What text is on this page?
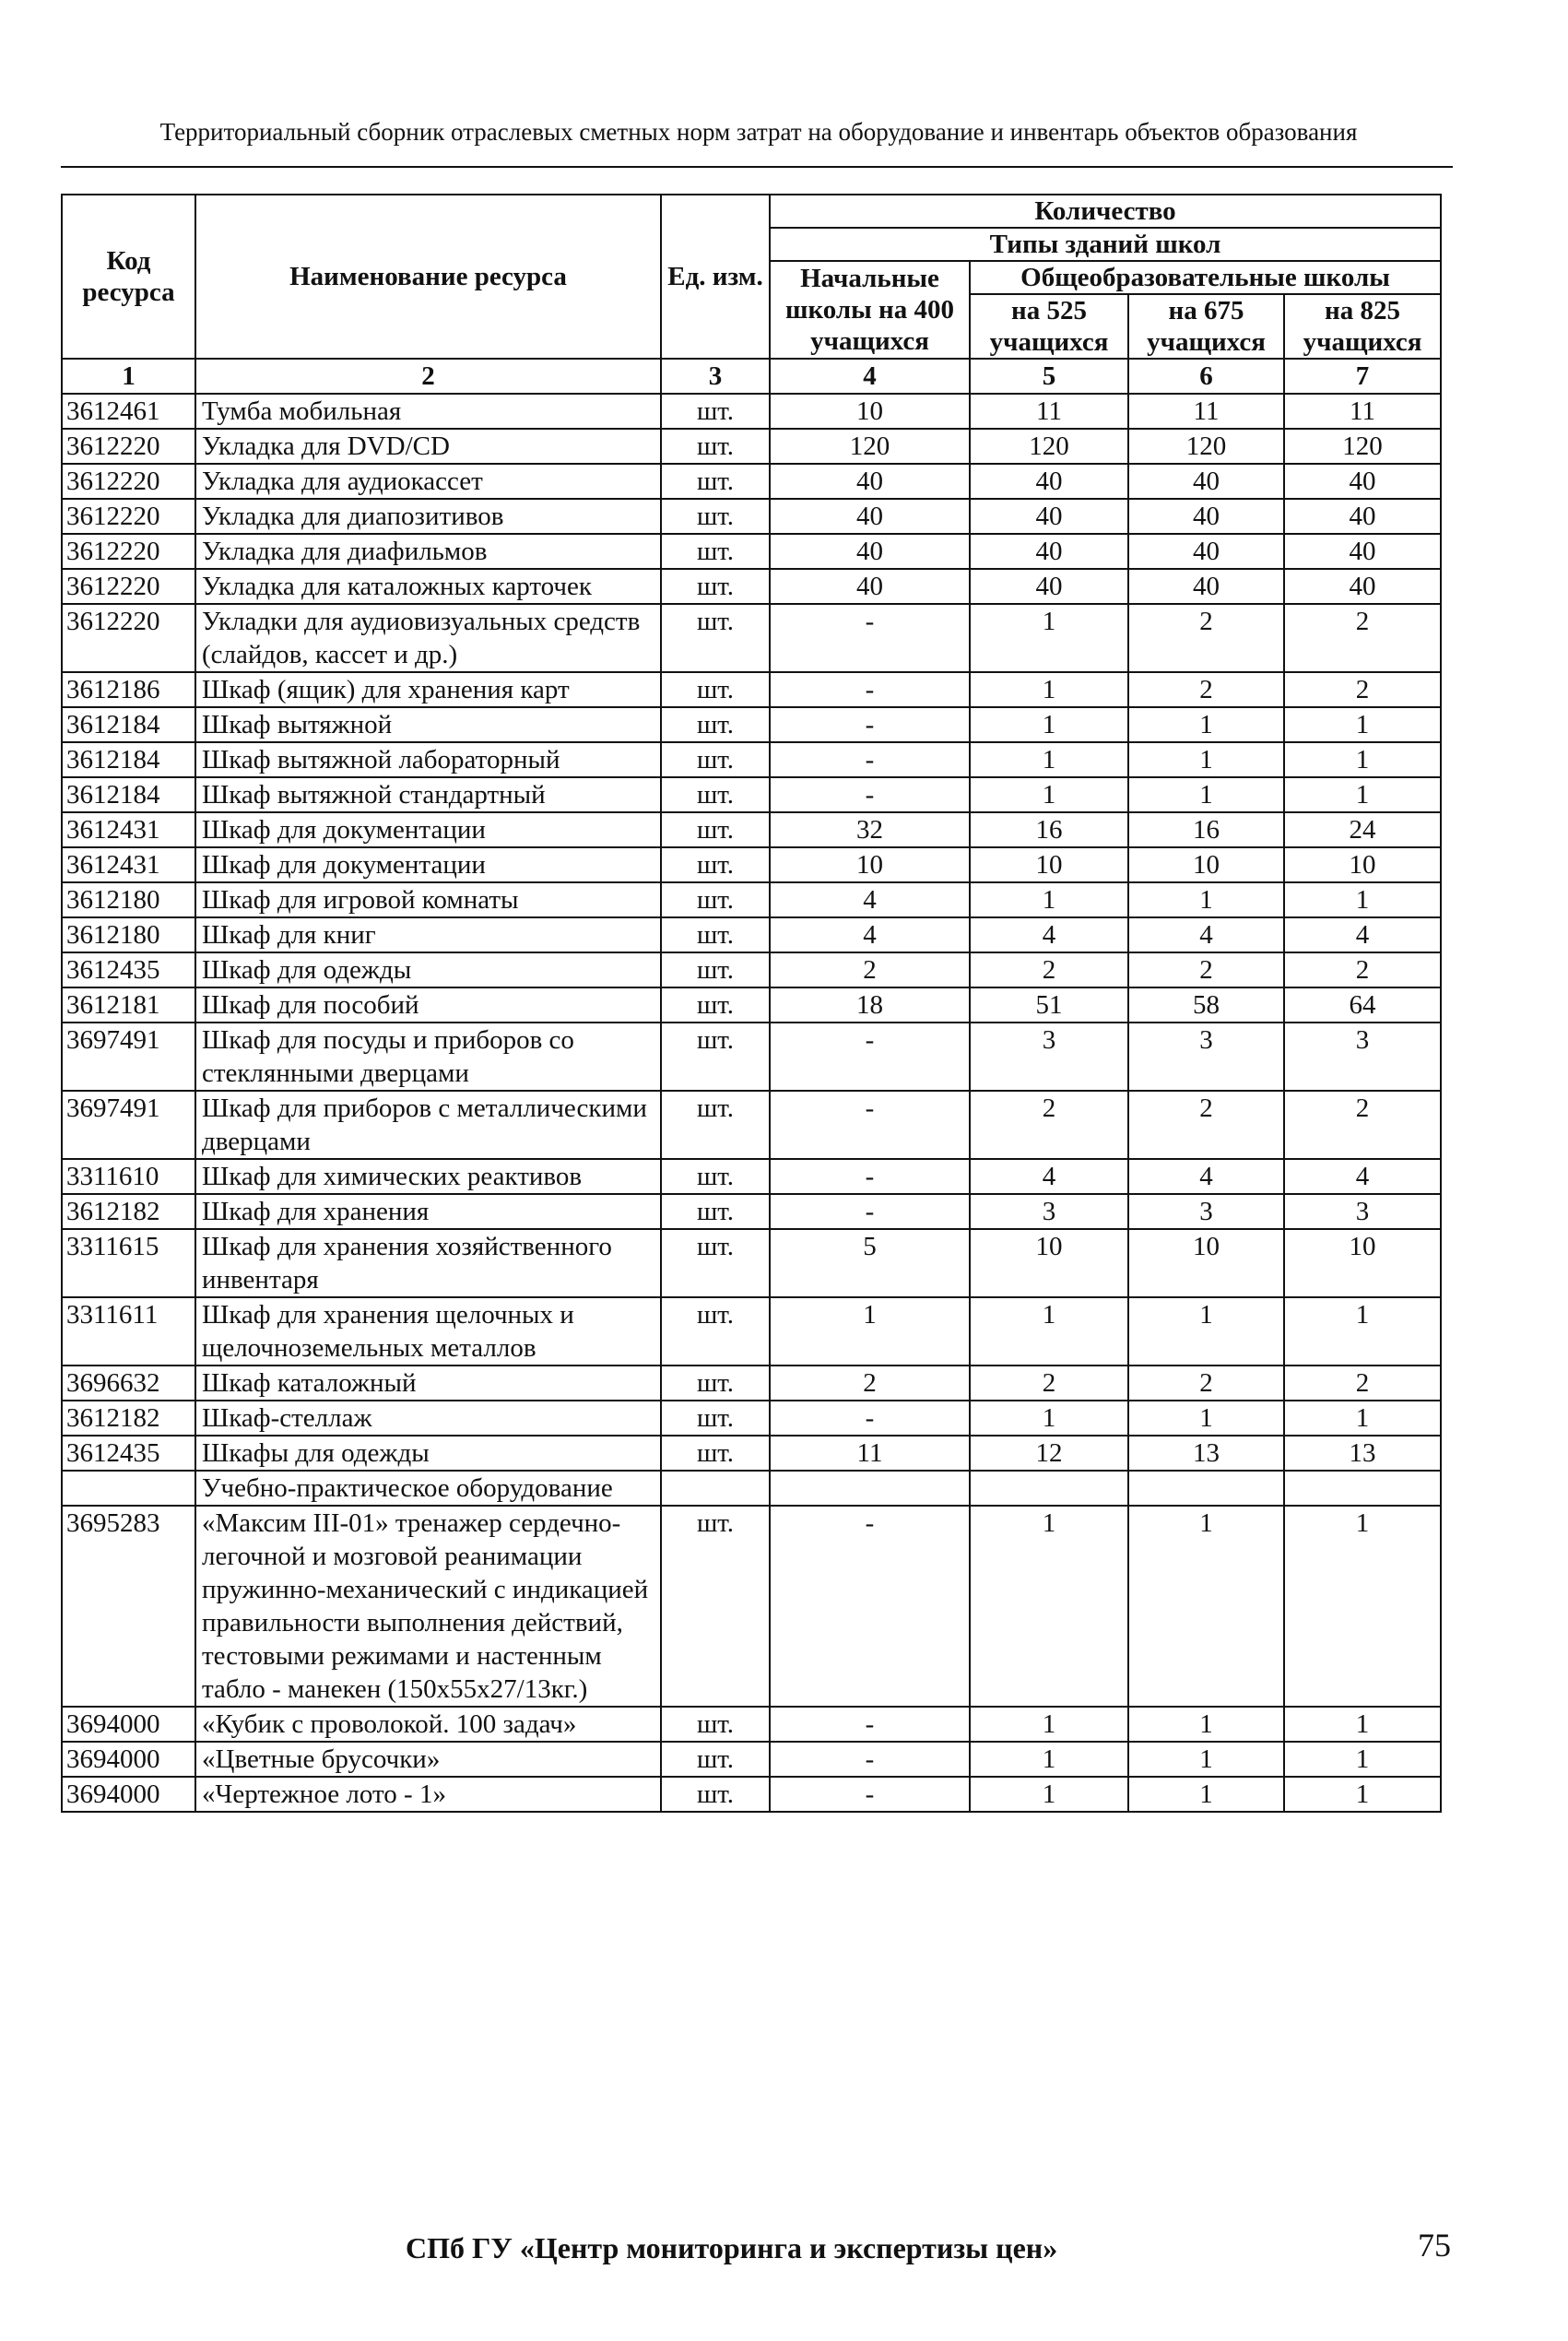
Территориальный сборник отраслевых сметных норм затрат на оборудование и инвентарь объектов образования
Код ресурса	Наименование ресурса	Ед. изм.	Количество			
			Типы зданий школ			
			Начальные школы на 400 учащихся	Общеобразовательные школы		
				на 525 учащихся	на 675 учащихся	на 825 учащихся
1	2	3	4	5	6	7
3612461	Тумба мобильная	шт.	10	11	11	11
3612220	Укладка для DVD/CD	шт.	120	120	120	120
3612220	Укладка для аудиокассет	шт.	40	40	40	40
3612220	Укладка для диапозитивов	шт.	40	40	40	40
3612220	Укладка для диафильмов	шт.	40	40	40	40
3612220	Укладка для каталожных карточек	шт.	40	40	40	40
3612220	Укладки для аудиовизуальных средств (слайдов, кассет и др.)	шт.	-	1	2	2
3612186	Шкаф (ящик) для хранения карт	шт.	-	1	2	2
3612184	Шкаф вытяжной	шт.	-	1	1	1
3612184	Шкаф вытяжной лабораторный	шт.	-	1	1	1
3612184	Шкаф вытяжной стандартный	шт.	-	1	1	1
3612431	Шкаф для документации	шт.	32	16	16	24
3612431	Шкаф для документации	шт.	10	10	10	10
3612180	Шкаф для игровой комнаты	шт.	4	1	1	1
3612180	Шкаф для книг	шт.	4	4	4	4
3612435	Шкаф для одежды	шт.	2	2	2	2
3612181	Шкаф для пособий	шт.	18	51	58	64
3697491	Шкаф для посуды и приборов со стеклянными дверцами	шт.	-	3	3	3
3697491	Шкаф для приборов с металлическими дверцами	шт.	-	2	2	2
3311610	Шкаф для химических реактивов	шт.	-	4	4	4
3612182	Шкаф для хранения	шт.	-	3	3	3
3311615	Шкаф для хранения хозяйственного инвентаря	шт.	5	10	10	10
3311611	Шкаф для хранения щелочных и щелочноземельных металлов	шт.	1	1	1	1
3696632	Шкаф каталожный	шт.	2	2	2	2
3612182	Шкаф-стеллаж	шт.	-	1	1	1
3612435	Шкафы для одежды	шт.	11	12	13	13
	Учебно-практическое оборудование					
3695283	«Максим III-01» тренажер сердечно-легочной и мозговой реанимации пружинно-механический с индикацией правильности выполнения действий, тестовыми режимами и настенным табло - манекен (150х55х27/13кг.)	шт.	-	1	1	1
3694000	«Кубик с проволокой. 100 задач»	шт.	-	1	1	1
3694000	«Цветные брусочки»	шт.	-	1	1	1
3694000	«Чертежное лото - 1»	шт.	-	1	1	1
СПб ГУ «Центр мониторинга и экспертизы цен»	75
